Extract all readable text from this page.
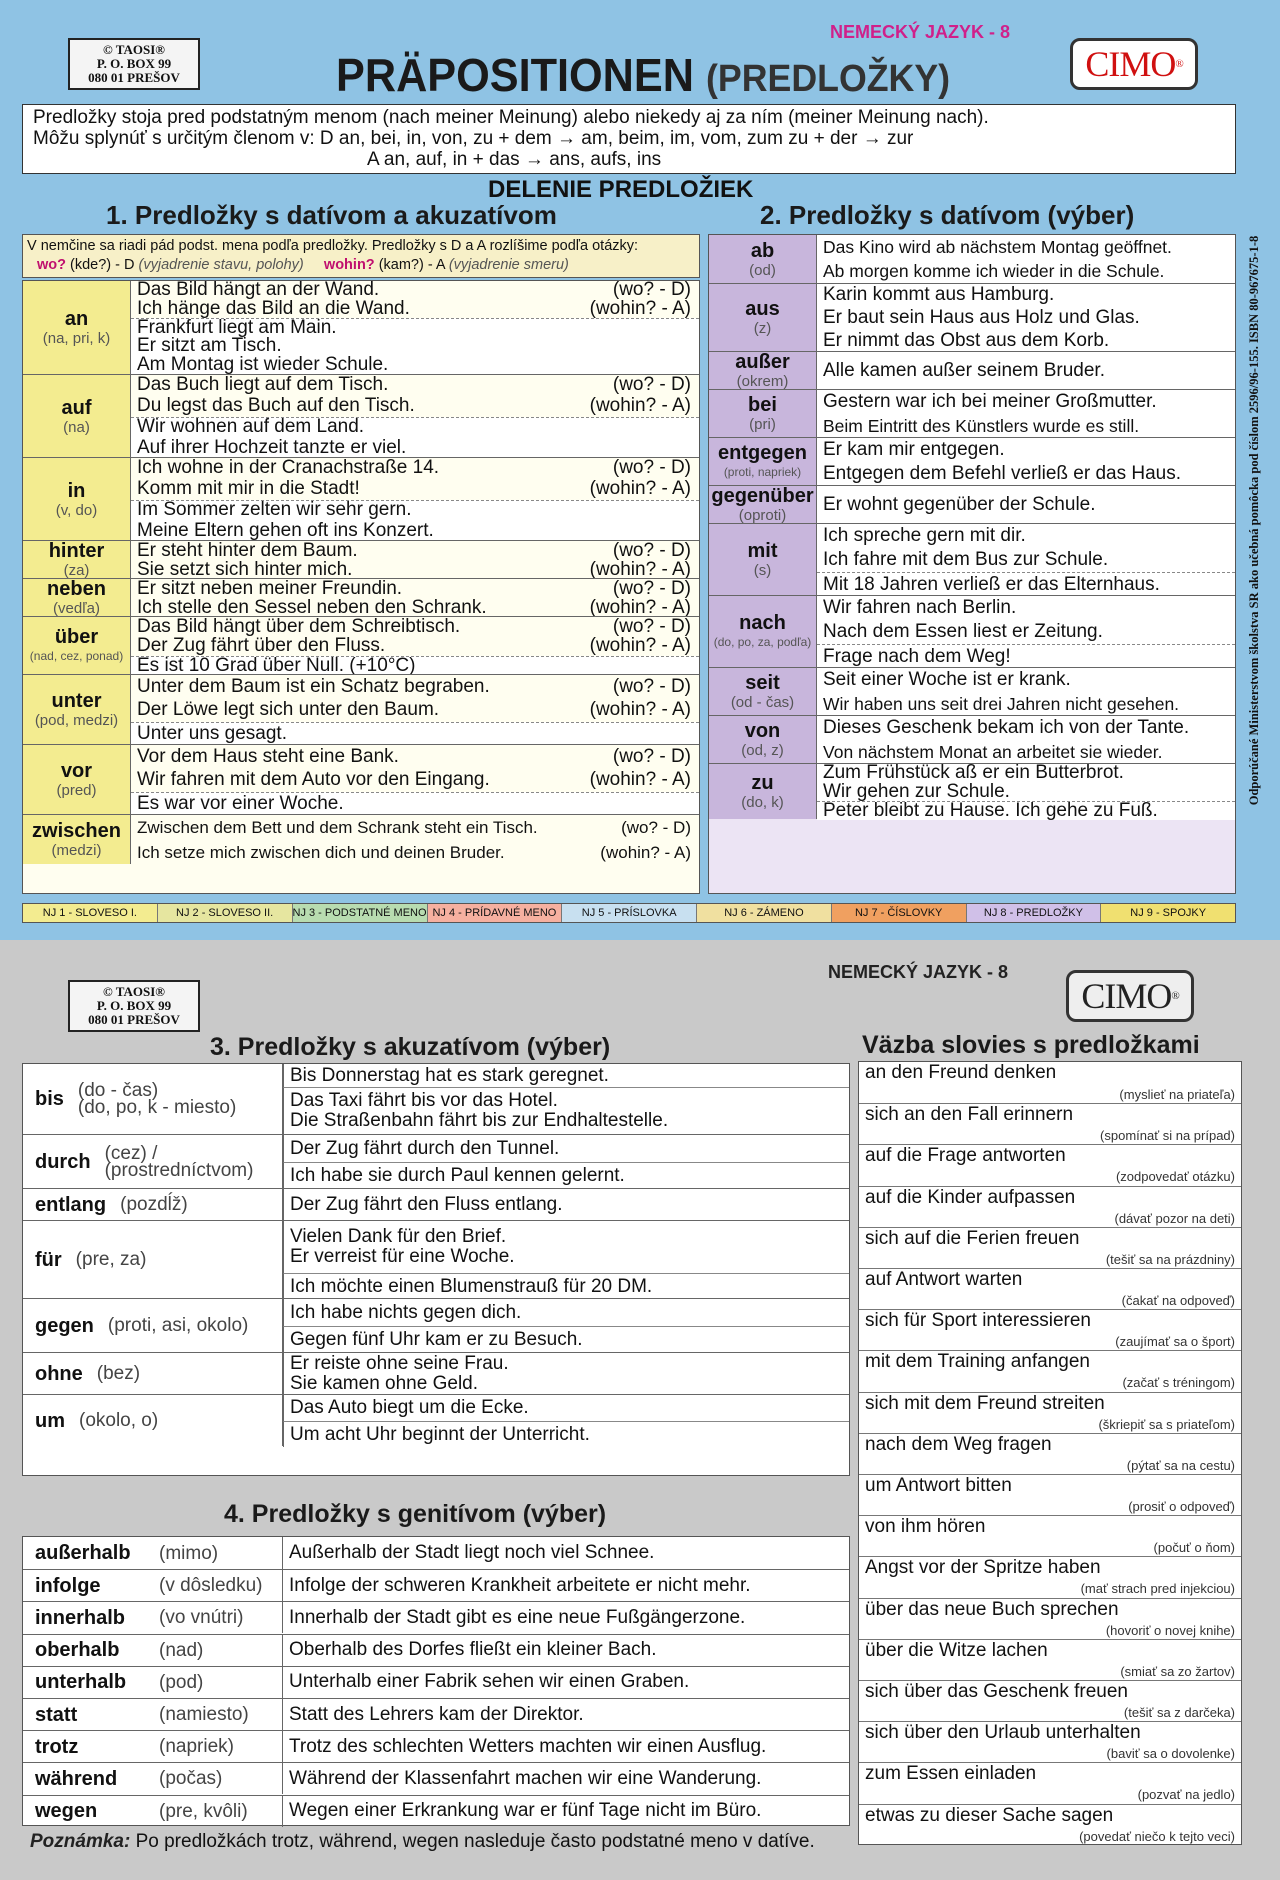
© TAOSI®
P. O. BOX 99
080 01 PREŠOV
NEMECKÝ JAZYK - 8
CIMO ®
PRÄPOSITIONEN (PREDLOŽKY)
Predložky stoja pred podstatným menom (nach meiner Meinung) alebo niekedy aj za ním (meiner Meinung nach).
Môžu splynúť s určitým členom v: D an, bei, in, von, zu + dem → am, beim, im, vom, zum zu + der → zur
A an, auf, in + das → ans, aufs, ins
DELENIE PREDLOŽIEK
1. Predložky s datívom a akuzatívom	2. Predložky s datívom (výber)
V nemčine sa riadi pád podst. mena podľa predložky. Predložky s D a A rozlíšime podľa otázky:
wo? (kde?) - D (vyjadrenie stavu, polohy) wohin? (kam?) - A (vyjadrenie smeru)
an
(na, pri, k)
Das Bild hängt an der Wand.	(wo? - D)
Ich hänge das Bild an die Wand.	(wohin? - A)
Frankfurt liegt am Main.
Er sitzt am Tisch.
Am Montag ist wieder Schule.
auf
(na)
Das Buch liegt auf dem Tisch.	(wo? - D)
Du legst das Buch auf den Tisch.	(wohin? - A)
Wir wohnen auf dem Land.
Auf ihrer Hochzeit tanzte er viel.
in
(v, do)
Ich wohne in der Cranachstraße 14.	(wo? - D)
Komm mit mir in die Stadt!	(wohin? - A)
Im Sommer zelten wir sehr gern.
Meine Eltern gehen oft ins Konzert.
hinter
(za)
Er steht hinter dem Baum.	(wo? - D)
Sie setzt sich hinter mich.	(wohin? - A)
neben
(vedľa)
Er sitzt neben meiner Freundin.	(wo? - D)
Ich stelle den Sessel neben den Schrank.	(wohin? - A)
über
(nad, cez, ponad)
Das Bild hängt über dem Schreibtisch.	(wo? - D)
Der Zug fährt über den Fluss.	(wohin? - A)
Es ist 10 Grad über Null. (+10°C)
unter
(pod, medzi)
Unter dem Baum ist ein Schatz begraben.	(wo? - D)
Der Löwe legt sich unter den Baum.	(wohin? - A)
Unter uns gesagt.
vor
(pred)
Vor dem Haus steht eine Bank.	(wo? - D)
Wir fahren mit dem Auto vor den Eingang.	(wohin? - A)
Es war vor einer Woche.
zwischen
(medzi)
Zwischen dem Bett und dem Schrank steht ein Tisch.	(wo? - D)
Ich setze mich zwischen dich und deinen Bruder.	(wohin? - A)
ab
(od)
Das Kino wird ab nächstem Montag geöffnet.
Ab morgen komme ich wieder in die Schule.
aus
(z)
Karin kommt aus Hamburg.
Er baut sein Haus aus Holz und Glas.
Er nimmt das Obst aus dem Korb.
außer
(okrem)
Alle kamen außer seinem Bruder.
bei
(pri)
Gestern war ich bei meiner Großmutter.
Beim Eintritt des Künstlers wurde es still.
entgegen
(proti, napriek)
Er kam mir entgegen.
Entgegen dem Befehl verließ er das Haus.
gegenüber
(oproti)
Er wohnt gegenüber der Schule.
mit
(s)
Ich spreche gern mit dir.
Ich fahre mit dem Bus zur Schule.
Mit 18 Jahren verließ er das Elternhaus.
nach
(do, po, za, podľa)
Wir fahren nach Berlin.
Nach dem Essen liest er Zeitung.
Frage nach dem Weg!
seit
(od - čas)
Seit einer Woche ist er krank.
Wir haben uns seit drei Jahren nicht gesehen.
von
(od, z)
Dieses Geschenk bekam ich von der Tante.
Von nächstem Monat an arbeitet sie wieder.
zu
(do, k)
Zum Frühstück aß er ein Butterbrot.
Wir gehen zur Schule.
Peter bleibt zu Hause. Ich gehe zu Fuß.
NJ 1 - SLOVESO I.	NJ 2 - SLOVESO II.	NJ 3 - PODSTATNÉ MENO NJ 4 - PRÍDAVNÉ MENO	NJ 5 - PRÍSLOVKA	NJ 6 - ZÁMENO	NJ 7 - ČÍSLOVKY	NJ 8 - PREDLOŽKY	NJ 9 - SPOJKY
Odporúčané Ministerstvom školstva SR ako učebná pomôcka pod číslom 2596/96-155. ISBN 80-967675-1-8
© TAOSI®
P. O. BOX 99
080 01 PREŠOV
NEMECKÝ JAZYK - 8
CIMO ®
3. Predložky s akuzatívom (výber)	Väzba slovies s predložkami
4. Predložky s genitívom (výber)
bis (do - čas)
(do, po, k - miesto)
Bis Donnerstag hat es stark geregnet.
Das Taxi fährt bis vor das Hotel.
Die Straßenbahn fährt bis zur Endhaltestelle.
durch (cez) / (prostredníctvom)
Der Zug fährt durch den Tunnel.
Ich habe sie durch Paul kennen gelernt.
entlang (pozdĺž)	Der Zug fährt den Fluss entlang.
für (pre, za)
Vielen Dank für den Brief.
Er verreist für eine Woche.
Ich möchte einen Blumenstrauß für 20 DM.
gegen (proti, asi, okolo)
Ich habe nichts gegen dich.
Gegen fünf Uhr kam er zu Besuch.
ohne (bez)	Er reiste ohne seine Frau.
Sie kamen ohne Geld.
um (okolo, o)
Das Auto biegt um die Ecke.
Um acht Uhr beginnt der Unterricht.
außerhalb	(mimo)	Außerhalb der Stadt liegt noch viel Schnee.
infolge	(v dôsledku) Infolge der schweren Krankheit arbeitete er nicht mehr.
innerhalb	(vo vnútri) Innerhalb der Stadt gibt es eine neue Fußgängerzone.
oberhalb	(nad)	Oberhalb des Dorfes fließt ein kleiner Bach.
unterhalb	(pod)	Unterhalb einer Fabrik sehen wir einen Graben.
statt	(namiesto) Statt des Lehrers kam der Direktor.
trotz	(napriek)	Trotz des schlechten Wetters machten wir einen Ausflug.
während	(počas)	Während der Klassenfahrt machen wir eine Wanderung.
wegen	(pre, kvôli) Wegen einer Erkrankung war er fünf Tage nicht im Büro.
Poznámka: Po predložkách trotz, während, wegen nasleduje často podstatné meno v datíve.
an den Freund denken
(myslieť na priateľa)
sich an den Fall erinnern
(spomínať si na prípad)
auf die Frage antworten
(zodpovedať otázku)
auf die Kinder aufpassen
(dávať pozor na deti)
sich auf die Ferien freuen
(tešiť sa na prázdniny)
auf Antwort warten
(čakať na odpoveď)
sich für Sport interessieren
(zaujímať sa o šport)
mit dem Training anfangen
(začať s tréningom)
sich mit dem Freund streiten
(škriepiť sa s priateľom)
nach dem Weg fragen
(pýtať sa na cestu)
um Antwort bitten
(prosiť o odpoveď)
von ihm hören
(počuť o ňom)
Angst vor der Spritze haben
(mať strach pred injekciou)
über das neue Buch sprechen
(hovoriť o novej knihe)
über die Witze lachen
(smiať sa zo žartov)
sich über das Geschenk freuen
(tešiť sa z darčeka)
sich über den Urlaub unterhalten
(baviť sa o dovolenke)
zum Essen einladen
(pozvať na jedlo)
etwas zu dieser Sache sagen
(povedať niečo k tejto veci)
